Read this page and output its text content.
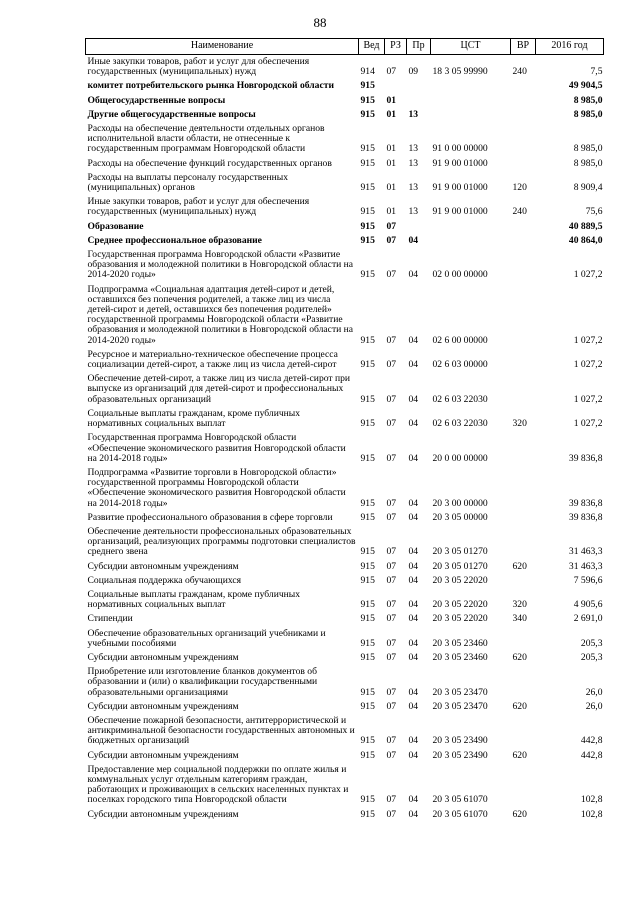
88
Наименование	Вед	РЗ	Пр	ЦСТ	ВР	2016 год
Иные закупки товаров, работ и услуг для обеспечения государственных (муниципальных) нужд	914	07	09	18 3 05 99990	240	7,5
комитет потребительского рынка Новгородской области	915					49 904,5
Общегосударственные вопросы	915	01				8 985,0
Другие общегосударственные вопросы	915	01	13			8 985,0
Расходы на обеспечение деятельности отдельных органов исполнительной власти области, не отнесенные к государственным программам Новгородской области	915	01	13	91 0 00 00000		8 985,0
Расходы на обеспечение функций государственных органов	915	01	13	91 9 00 01000		8 985,0
Расходы на выплаты персоналу государственных (муниципальных) органов	915	01	13	91 9 00 01000	120	8 909,4
Иные закупки товаров, работ и услуг для обеспечения государственных (муниципальных) нужд	915	01	13	91 9 00 01000	240	75,6
Образование	915	07				40 889,5
Среднее профессиональное образование	915	07	04			40 864,0
Государственная программа Новгородской области «Развитие образования и молодежной политики в Новгородской области на 2014-2020 годы»	915	07	04	02 0 00 00000		1 027,2
Подпрограмма «Социальная адаптация детей-сирот и детей, оставшихся без попечения родителей, а также лиц из числа детей-сирот и детей, оставшихся без попечения родителей» государственной программы Новгородской области «Развитие образования и молодежной политики в Новгородской области на 2014-2020 годы»	915	07	04	02 6 00 00000		1 027,2
Ресурсное и материально-техническое обеспечение процесса социализации детей-сирот, а также лиц из числа детей-сирот	915	07	04	02 6 03 00000		1 027,2
Обеспечение детей-сирот, а также лиц из числа детей-сирот при выпуске из организаций для детей-сирот и профессиональных образовательных организаций	915	07	04	02 6 03 22030		1 027,2
Социальные выплаты гражданам, кроме публичных нормативных социальных выплат	915	07	04	02 6 03 22030	320	1 027,2
Государственная программа Новгородской области «Обеспечение экономического развития Новгородской области на 2014-2018 годы»	915	07	04	20 0 00 00000		39 836,8
Подпрограмма «Развитие торговли в Новгородской области» государственной программы Новгородской области «Обеспечение экономического развития Новгородской области на 2014-2018 годы»	915	07	04	20 3 00 00000		39 836,8
Развитие профессионального образования в сфере торговли	915	07	04	20 3 05 00000		39 836,8
Обеспечение деятельности профессиональных образовательных организаций, реализующих программы подготовки специалистов среднего звена	915	07	04	20 3 05 01270		31 463,3
Субсидии автономным учреждениям	915	07	04	20 3 05 01270	620	31 463,3
Социальная поддержка обучающихся	915	07	04	20 3 05 22020		7 596,6
Социальные выплаты гражданам, кроме публичных нормативных социальных выплат	915	07	04	20 3 05 22020	320	4 905,6
Стипендии	915	07	04	20 3 05 22020	340	2 691,0
Обеспечение образовательных организаций учебниками и учебными пособиями	915	07	04	20 3 05 23460		205,3
Субсидии автономным учреждениям	915	07	04	20 3 05 23460	620	205,3
Приобретение или изготовление бланков документов об образовании и (или) о квалификации государственными образовательными организациями	915	07	04	20 3 05 23470		26,0
Субсидии автономным учреждениям	915	07	04	20 3 05 23470	620	26,0
Обеспечение пожарной безопасности, антитеррористической и антикриминальной безопасности государственных автономных и бюджетных организаций	915	07	04	20 3 05 23490		442,8
Субсидии автономным учреждениям	915	07	04	20 3 05 23490	620	442,8
Предоставление мер социальной поддержки по оплате жилья и коммунальных услуг отдельным категориям граждан, работающих и проживающих в сельских населенных пунктах и поселках городского типа Новгородской области	915	07	04	20 3 05 61070		102,8
Субсидии автономным учреждениям	915	07	04	20 3 05 61070	620	102,8
